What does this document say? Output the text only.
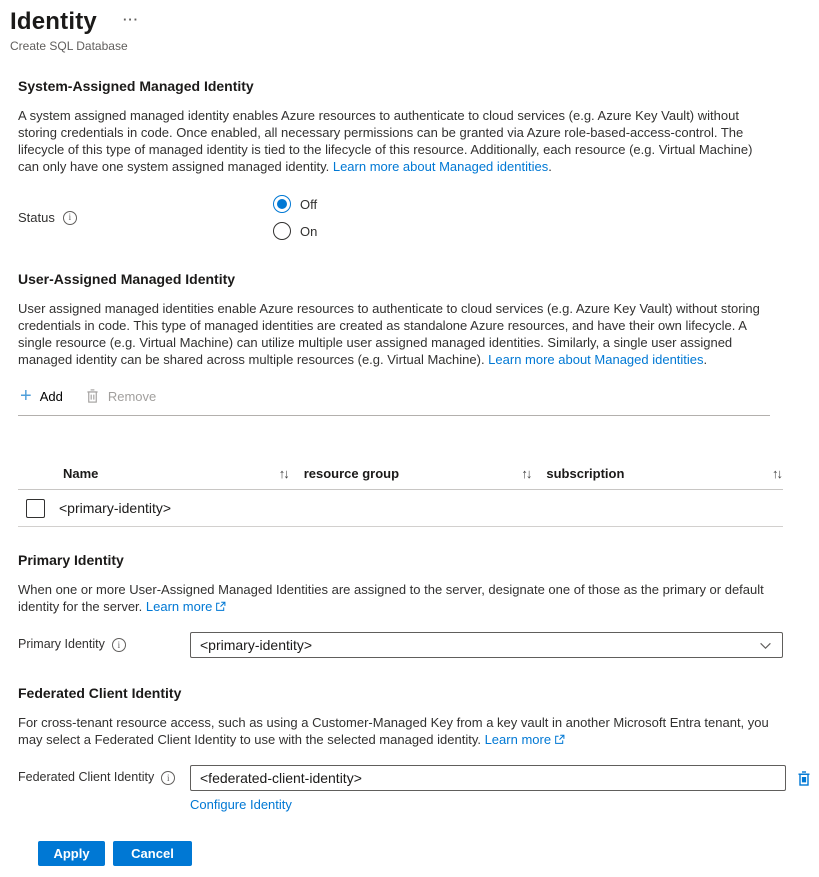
Identity ···
Create SQL Database
System-Assigned Managed Identity

A system assigned managed identity enables Azure resources to authenticate to cloud services (e.g. Azure Key Vault) without storing credentials in code. Once enabled, all necessary permissions can be granted via Azure role-based-access-control. The lifecycle of this type of managed identity is tied to the lifecycle of this resource. Additionally, each resource (e.g. Virtual Machine) can only have one system assigned managed identity. Learn more about Managed identities.

Status	i
Off
On
User-Assigned Managed Identity

User assigned managed identities enable Azure resources to authenticate to cloud services (e.g. Azure Key Vault) without storing credentials in code. This type of managed identities are created as standalone Azure resources, and have their own lifecycle. A single resource (e.g. Virtual Machine) can utilize multiple user assigned managed identities. Similarly, a single user assigned managed identity can be shared across multiple resources (e.g. Virtual Machine). Learn more about Managed identities.

+ Add	Remove
Name	↑↓ resource group	↑↓ subscription	↑↓
<primary-identity>
Primary Identity

When one or more User-Assigned Managed Identities are assigned to the server, designate one of those as the primary or default identity for the server. Learn more

Primary Identity	i	<primary-identity>
Federated Client Identity

For cross-tenant resource access, such as using a Customer-Managed Key from a key vault in another Microsoft Entra tenant, you may select a Federated Client Identity to use with the selected managed identity. Learn more

Federated Client Identity	i
<federated-client-identity>
Configure Identity
Apply	Cancel
